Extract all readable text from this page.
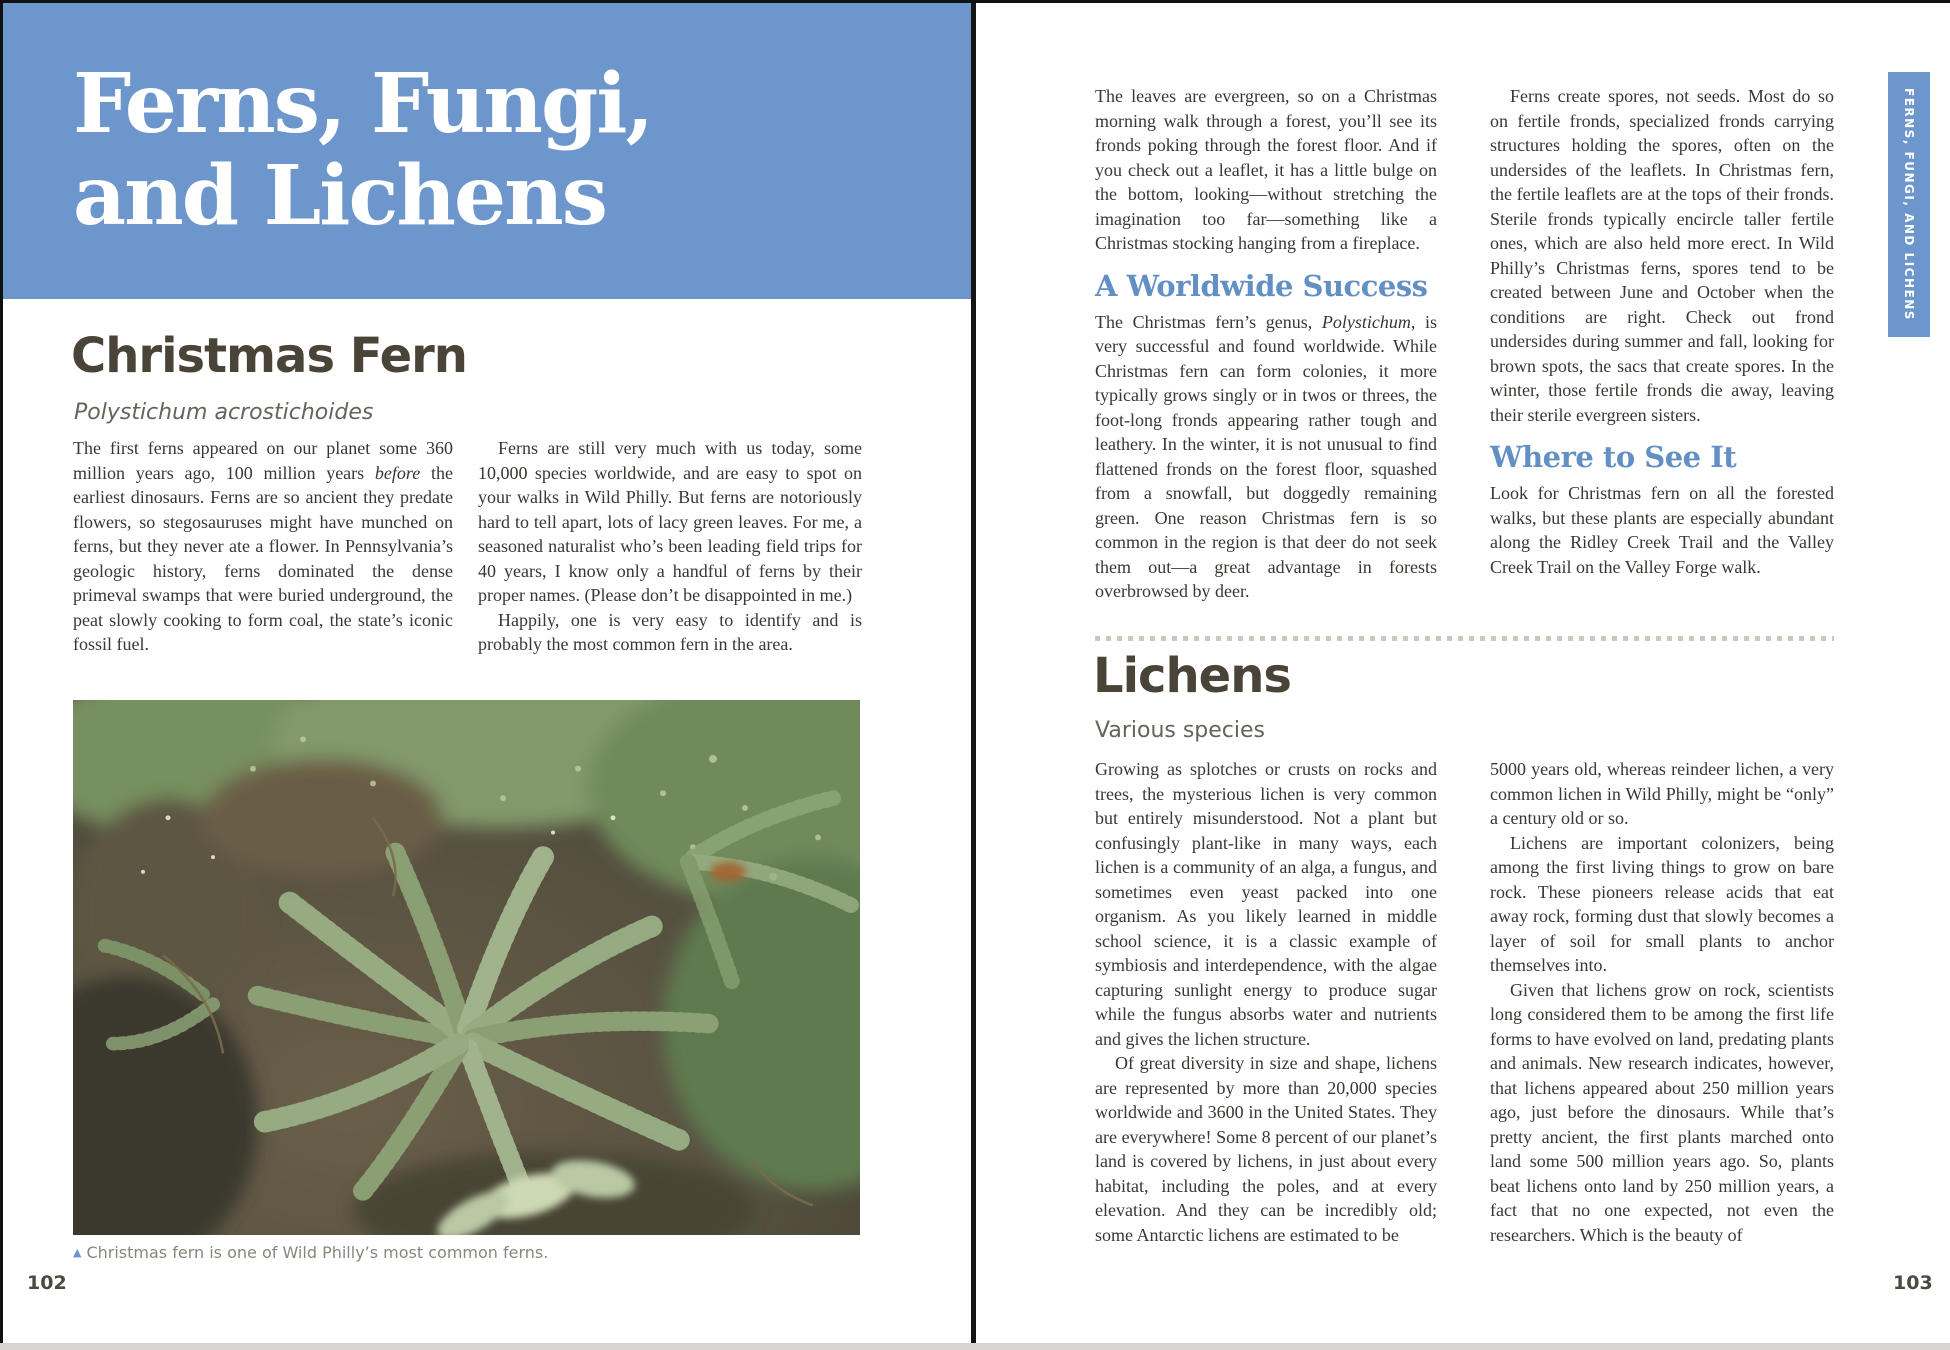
Ferns, Fungi,
and Lichens
Christmas Fern
Polystichum acrostichoides

The first ferns appeared on our planet some 360 million years ago, 100 million years before the earliest dinosaurs. Ferns are so ancient they predate flowers, so stegosauruses might have munched on ferns, but they never ate a flower. In Pennsylvania’s geologic history, ferns dominated the dense primeval swamps that were buried underground, the peat slowly cooking to form coal, the state’s iconic fossil fuel.

Ferns are still very much with us today, some 10,000 species worldwide, and are easy to spot on your walks in Wild Philly. But ferns are notoriously hard to tell apart, lots of lacy green leaves. For me, a seasoned naturalist who’s been leading field trips for 40 years, I know only a handful of ferns by their proper names. (Please don’t be disappointed in me.)

Happily, one is very easy to identify and is probably the most common fern in the area.

▲ Christmas fern is one of Wild Philly’s most common ferns.
102

The leaves are evergreen, so on a Christmas morning walk through a forest, you’ll see its fronds poking through the forest floor. And if you check out a leaflet, it has a little bulge on the bottom, looking—without stretching the imagination too far—something like a Christmas stocking hanging from a fireplace.

A Worldwide Success

The Christmas fern’s genus, Polystichum, is very successful and found worldwide. While Christmas fern can form colonies, it more typically grows singly or in twos or threes, the foot-long fronds appearing rather tough and leathery. In the winter, it is not unusual to find flattened fronds on the forest floor, squashed from a snowfall, but doggedly remaining green. One reason Christmas fern is so common in the region is that deer do not seek them out—a great advantage in forests overbrowsed by deer.

Ferns create spores, not seeds. Most do so on fertile fronds, specialized fronds carrying structures holding the spores, often on the undersides of the leaflets. In Christmas fern, the fertile leaflets are at the tops of their fronds. Sterile fronds typically encircle taller fertile ones, which are also held more erect. In Wild Philly’s Christmas ferns, spores tend to be created between June and October when the conditions are right. Check out frond undersides during summer and fall, looking for brown spots, the sacs that create spores. In the winter, those fertile fronds die away, leaving their sterile evergreen sisters.

Where to See It

Look for Christmas fern on all the forested walks, but these plants are especially abundant along the Ridley Creek Trail and the Valley Creek Trail on the Valley Forge walk.

Lichens
Various species

Growing as splotches or crusts on rocks and trees, the mysterious lichen is very common but entirely misunderstood. Not a plant but confusingly plant-like in many ways, each lichen is a community of an alga, a fungus, and sometimes even yeast packed into one organism. As you likely learned in middle school science, it is a classic example of symbiosis and interdependence, with the algae capturing sunlight energy to produce sugar while the fungus absorbs water and nutrients and gives the lichen structure.

Of great diversity in size and shape, lichens are represented by more than 20,000 species worldwide and 3600 in the United States. They are everywhere! Some 8 percent of our planet’s land is covered by lichens, in just about every habitat, including the poles, and at every elevation. And they can be incredibly old; some Antarctic lichens are estimated to be

5000 years old, whereas reindeer lichen, a very common lichen in Wild Philly, might be “only” a century old or so.

Lichens are important colonizers, being among the first living things to grow on bare rock. These pioneers release acids that eat away rock, forming dust that slowly becomes a layer of soil for small plants to anchor themselves into.

Given that lichens grow on rock, scientists long considered them to be among the first life forms to have evolved on land, predating plants and animals. New research indicates, however, that lichens appeared about 250 million years ago, just before the dinosaurs. While that’s pretty ancient, the first plants marched onto land some 500 million years ago. So, plants beat lichens onto land by 250 million years, a fact that no one expected, not even the researchers. Which is the beauty of

103
FERNS, FUNGI, AND LICHENS
